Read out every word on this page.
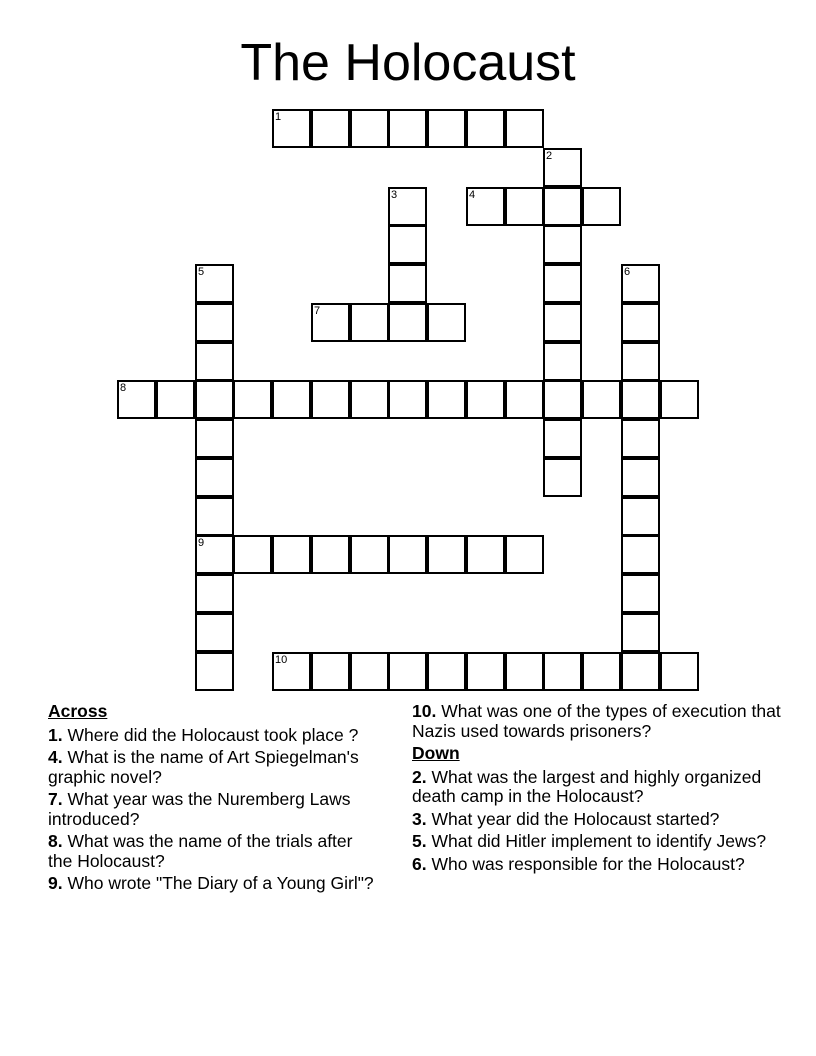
The Holocaust
1
2
3	4
5
9
6
7
8
10
Across
1. Where did the Holocaust took place ?
4. What is the name of Art Spiegelman's graphic novel?
7. What year was the Nuremberg Laws introduced?
8. What was the name of the trials after the Holocaust?
9. Who wrote "The Diary of a Young Girl"?
10. What was one of the types of execution that Nazis used towards prisoners?
Down
2. What was the largest and highly organized death camp in the Holocaust?
3. What year did the Holocaust started?
5. What did Hitler implement to identify Jews?
6. Who was responsible for the Holocaust?
